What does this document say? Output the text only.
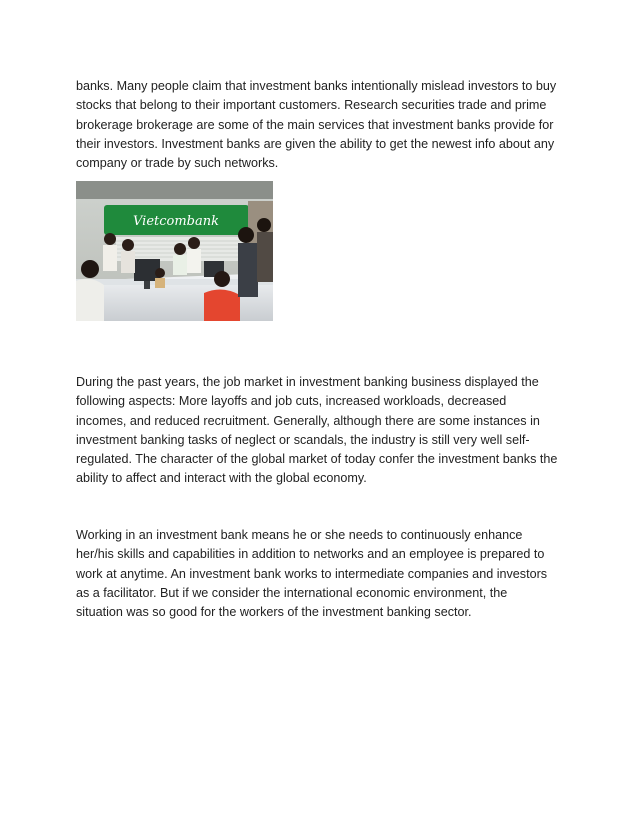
banks. Many people claim that investment banks intentionally mislead investors to buy
stocks that belong to their important customers. Research securities trade and prime
brokerage brokerage are some of the main services that investment banks provide for
their investors. Investment banks are given the ability to get the newest info about any
company or trade by such networks.
Vietcombank
During the past years, the job market in investment banking business displayed the
following aspects: More layoffs and job cuts, increased workloads, decreased
incomes, and reduced recruitment. Generally, although there are some instances in
investment banking tasks of neglect or scandals, the industry is still very well self-
regulated. The character of the global market of today confer the investment banks the
ability to affect and interact with the global economy.
Working in an investment bank means he or she needs to continuously enhance
her/his skills and capabilities in addition to networks and an employee is prepared to
work at anytime. An investment bank works to intermediate companies and investors
as a facilitator. But if we consider the international economic environment, the
situation was so good for the workers of the investment banking sector.
